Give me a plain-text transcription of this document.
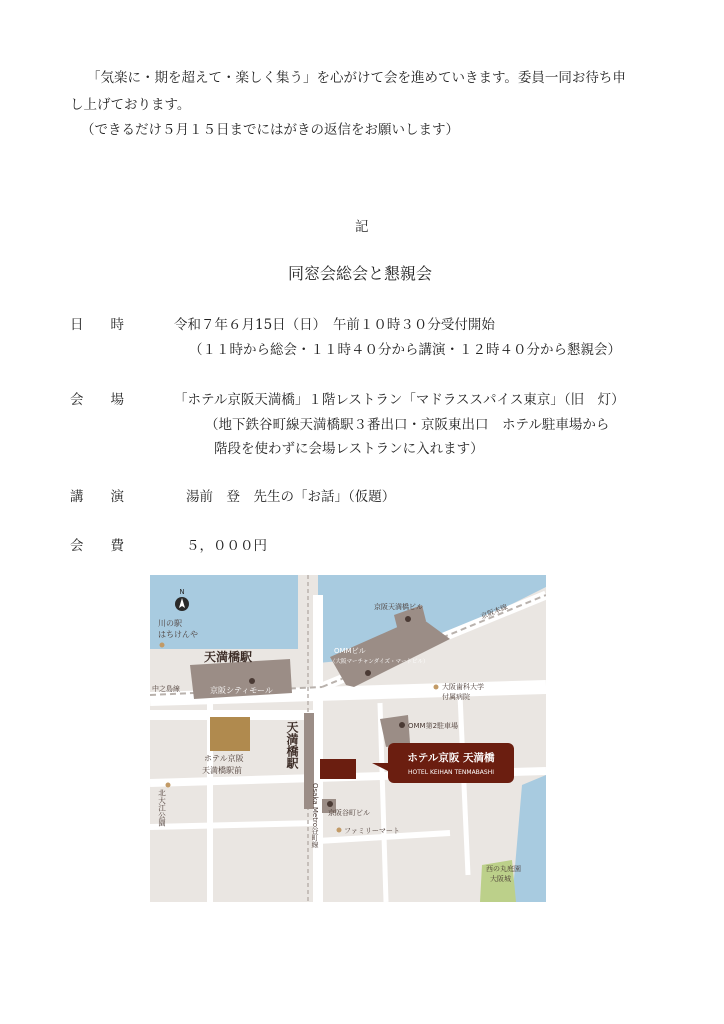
「気楽に・期を超えて・楽しく集う」を心がけて会を進めていきます。委員一同お待ち申
し上げております。
（できるだけ５月１５日までにはがきの返信をお願いします）
記
同窓会総会と懇親会
日　　時	令和７年６月15日（日）　午前１０時３０分受付開始
（１１時から総会・１１時４０分から講演・１２時４０分から懇親会）
会　　場	「ホテル京阪天満橋」１階レストラン「マドラススパイス東京」（旧　灯）
（地下鉄谷町線天満橋駅３番出口・京阪東出口　ホテル駐車場から
階段を使わずに会場レストランに入れます）
講　　演	湯前　登　先生の「お話」（仮題）
会　　費	５，０００円
N
川の駅
はちけんや
天満橋駅
京阪シティモール
中之島線
京阪天満橋ビル	京阪本線
OMMビル
（大阪マーチャンダイズ・マートビル）
大阪歯科大学
付属病院
OMM第2駐車場
ホテル京阪
天満橋駅前
京阪谷町ビル
ファミリーマート
西の丸庭園
大阪城
天満橋駅
北大江公園	Osaka Metro谷町線
ホテル京阪 天満橋
HOTEL KEIHAN TENMABASHI
